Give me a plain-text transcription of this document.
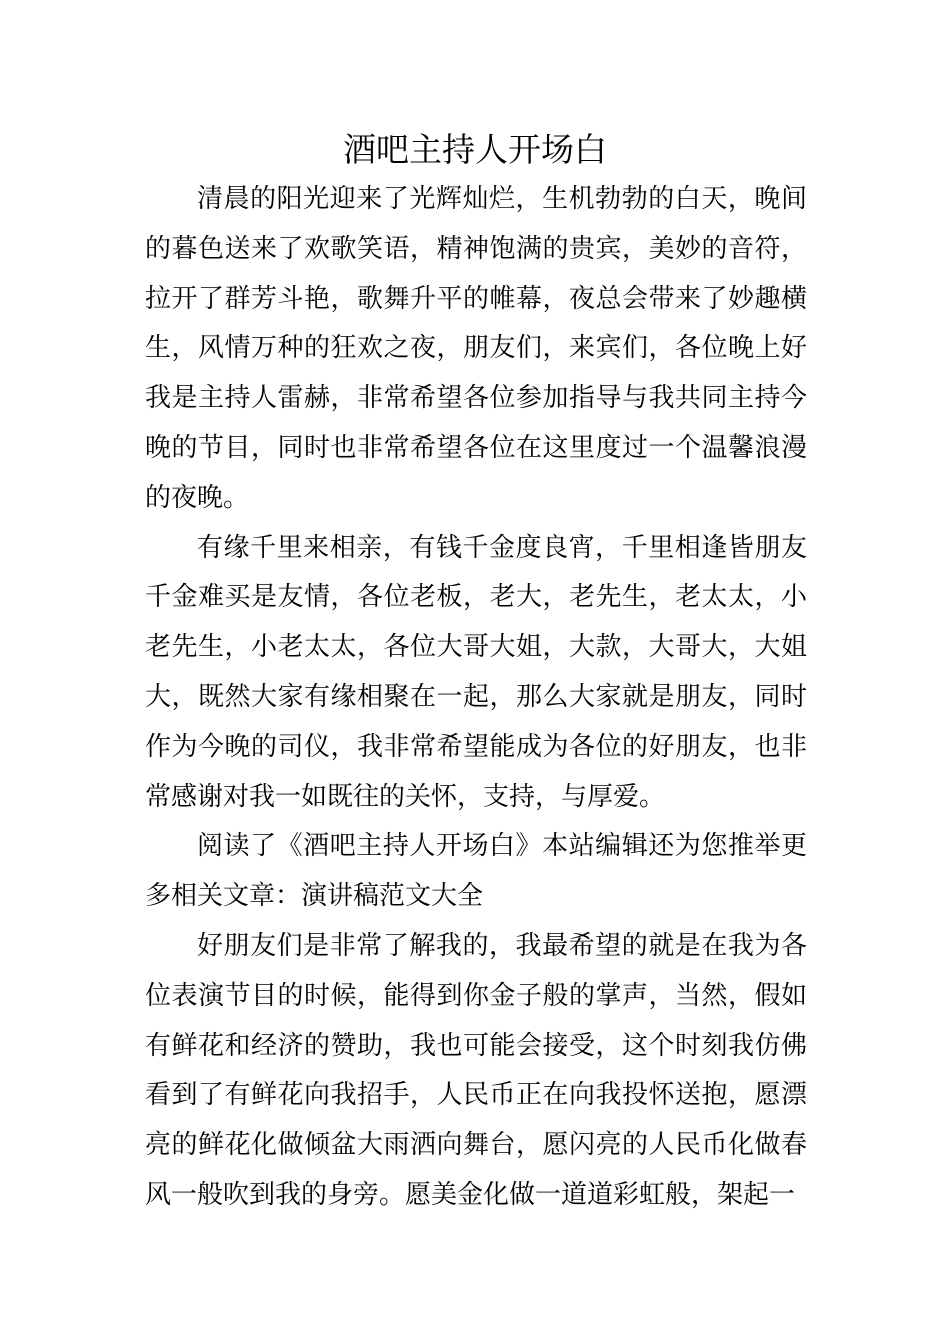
酒吧主持人开场白

清晨的阳光迎来了光辉灿烂，生机勃勃的白天，晚间的暮色送来了欢歌笑语，精神饱满的贵宾，美妙的音符，拉开了群芳斗艳，歌舞升平的帷幕，夜总会带来了妙趣横生，风情万种的狂欢之夜，朋友们，来宾们，各位晚上好我是主持人雷赫，非常希望各位参加指导与我共同主持今晚的节目，同时也非常希望各位在这里度过一个温馨浪漫的夜晚。

有缘千里来相亲，有钱千金度良宵，千里相逢皆朋友千金难买是友情，各位老板，老大，老先生，老太太，小老先生，小老太太，各位大哥大姐，大款，大哥大，大姐大，既然大家有缘相聚在一起，那么大家就是朋友，同时作为今晚的司仪，我非常希望能成为各位的好朋友，也非常感谢对我一如既往的关怀，支持，与厚爱。

阅读了《酒吧主持人开场白》本站编辑还为您推举更多相关文章：演讲稿范文大全

好朋友们是非常了解我的，我最希望的就是在我为各位表演节目的时候，能得到你金子般的掌声，当然，假如有鲜花和经济的赞助，我也可能会接受，这个时刻我仿佛看到了有鲜花向我招手，人民币正在向我投怀送抱，愿漂亮的鲜花化做倾盆大雨洒向舞台，愿闪亮的人民币化做春风一般吹到我的身旁。愿美金化做一道道彩虹般，架起一
